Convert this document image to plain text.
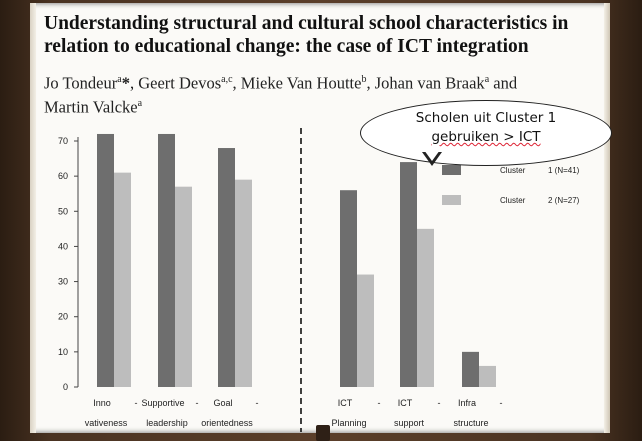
Understanding structural and cultural school characteristics in
relation to educational change: the case of ICT integration
Jo Tondeur$^a$*, Geert Devos$^{a,c}$, Mieke Van Houtte$^b$, Johan van Braak$^a$ and
Martin Valcke$^a$
0
10
20
30
40
50
60
70
Inno	-
vativeness
Supportive -
leadership
Goal	-
orientedness
ICT	-
Planning
ICT	-
support
Infra	-
structure
Cluster	1 (N=41)
Cluster	2 (N=27)
Scholen uit Cluster 1
gebruiken > ICT
